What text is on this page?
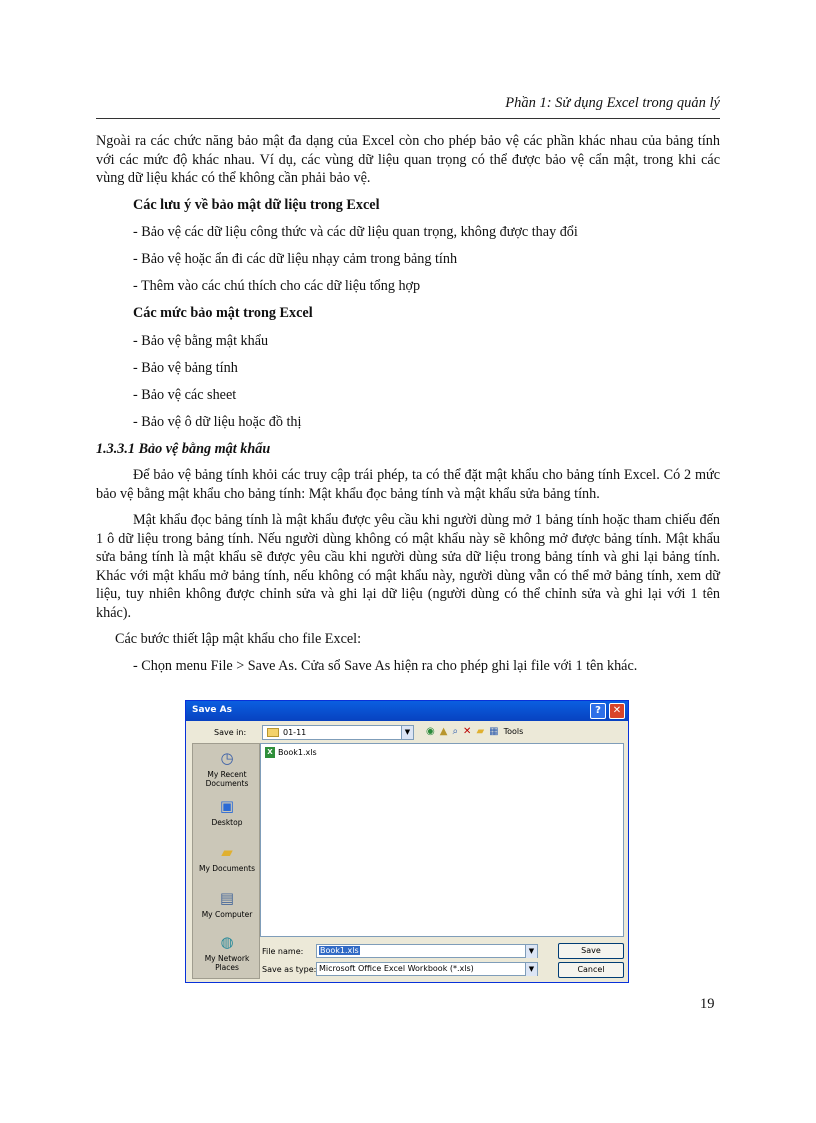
Phần 1: Sử dụng Excel trong quản lý

Ngoài ra các chức năng bảo mật đa dạng của Excel còn cho phép bảo vệ các phần khác nhau của bảng tính với các mức độ khác nhau. Ví dụ, các vùng dữ liệu quan trọng có thể được bảo vệ cẩn mật, trong khi các vùng dữ liệu khác có thể không cần phải bảo vệ.

Các lưu ý về bảo mật dữ liệu trong Excel

- Bảo vệ các dữ liệu công thức và các dữ liệu quan trọng, không được thay đổi

- Bảo vệ hoặc ẩn đi các dữ liệu nhạy cảm trong bảng tính

- Thêm vào các chú thích cho các dữ liệu tổng hợp

Các mức bảo mật trong Excel

- Bảo vệ bằng mật khẩu

- Bảo vệ bảng tính

- Bảo vệ các sheet

- Bảo vệ ô dữ liệu hoặc đồ thị

1.3.3.1 Bảo vệ bằng mật khẩu

Để bảo vệ bảng tính khỏi các truy cập trái phép, ta có thể đặt mật khẩu cho bảng tính Excel. Có 2 mức bảo vệ bằng mật khẩu cho bảng tính: Mật khẩu đọc bảng tính và mật khẩu sửa bảng tính.

Mật khẩu đọc bảng tính là mật khẩu được yêu cầu khi người dùng mở 1 bảng tính hoặc tham chiếu đến 1 ô dữ liệu trong bảng tính. Nếu người dùng không có mật khẩu này sẽ không mở được bảng tính. Mật khẩu sửa bảng tính là mật khẩu sẽ được yêu cầu khi người dùng sửa dữ liệu trong bảng tính và ghi lại bảng tính. Khác với mật khẩu mở bảng tính, nếu không có mật khẩu này, người dùng vẫn có thể mở bảng tính, xem dữ liệu, tuy nhiên không được chỉnh sửa và ghi lại dữ liệu (người dùng có thể chỉnh sửa và ghi lại với 1 tên khác).

Các bước thiết lập mật khẩu cho file Excel:

- Chọn menu File > Save As. Cửa sổ Save As hiện ra cho phép ghi lại file với 1 tên khác.

Save As	?	✕
Save in:	01-11	▼ ◉ ▲ ⌕ ✕ ▰ ▦ Tools
◷
My Recent Documents
▣
Desktop
▰
My Documents
▤
My Computer
◍
My Network Places
X Book1.xls
File name:	Book1.xls	▼
Save as type: Microsoft Office Excel Workbook (*.xls)	▼
Save
Cancel
19
